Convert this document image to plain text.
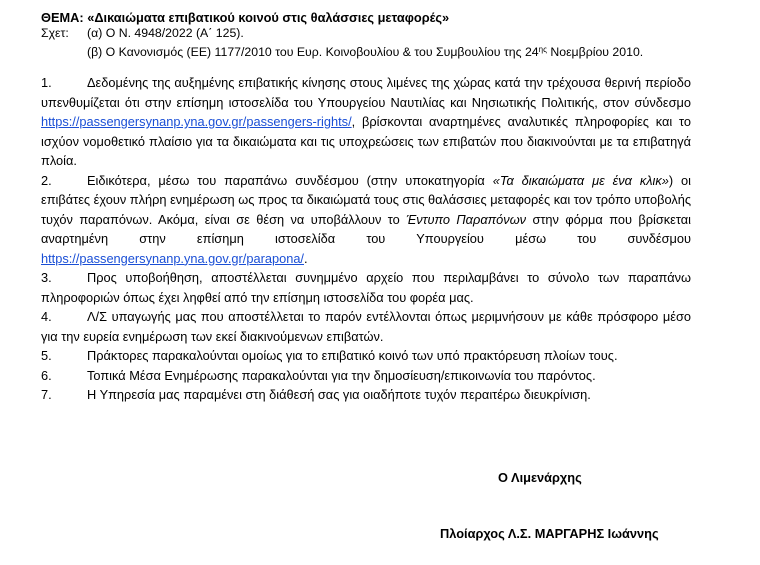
ΘΕΜΑ: «Δικαιώματα επιβατικού κοινού στις θαλάσσιες μεταφορές»
Σχετ: (α) Ο Ν. 4948/2022 (Α΄ 125).
(β) Ο Κανονισμός (ΕΕ) 1177/2010 του Ευρ. Κοινοβουλίου & του Συμβουλίου της $24^{\eta\varsigma}$ Νοεμβρίου 2010.

1.	Δεδομένης της αυξημένης επιβατικής κίνησης στους λιμένες της χώρας κατά την τρέχουσα θερινή περίοδο υπενθυμίζεται ότι στην επίσημη ιστοσελίδα του Υπουργείου Ναυτιλίας και Νησιωτικής Πολιτικής, στον σύνδεσμο https://passengersynanp.yna.gov.gr/passengers-rights/, βρίσκονται αναρτημένες αναλυτικές πληροφορίες και το ισχύον νομοθετικό πλαίσιο για τα δικαιώματα και τις υποχρεώσεις των επιβατών που διακινούνται με τα επιβατηγά πλοία.

2.	Ειδικότερα, μέσω του παραπάνω συνδέσμου (στην υποκατηγορία «Τα δικαιώματα με ένα κλικ») οι επιβάτες έχουν πλήρη ενημέρωση ως προς τα δικαιώματά τους στις θαλάσσιες μεταφορές και τον τρόπο υποβολής τυχόν παραπόνων. Ακόμα, είναι σε θέση να υποβάλλουν το Έντυπο Παραπόνων στην φόρμα που βρίσκεται αναρτημένη στην επίσημη ιστοσελίδα του Υπουργείου μέσω του συνδέσμου https://passengersynanp.yna.gov.gr/parapona/.

3.	Προς υποβοήθηση, αποστέλλεται συνημμένο αρχείο που περιλαμβάνει το σύνολο των παραπάνω πληροφοριών όπως έχει ληφθεί από την επίσημη ιστοσελίδα του φορέα μας.

4.	Λ/Σ υπαγωγής μας που αποστέλλεται το παρόν εντέλλονται όπως μεριμνήσουν με κάθε πρόσφορο μέσο για την ευρεία ενημέρωση των εκεί διακινούμενων επιβατών.

5.	Πράκτορες παρακαλούνται ομοίως για το επιβατικό κοινό των υπό πρακτόρευση πλοίων τους.

6.	Τοπικά Μέσα Ενημέρωσης παρακαλούνται για την δημοσίευση/επικοινωνία του παρόντος.

7.	Η Υπηρεσία μας παραμένει στη διάθεσή σας για οιαδήποτε τυχόν περαιτέρω διευκρίνιση.

Ο Λιμενάρχης
Πλοίαρχος Λ.Σ. ΜΑΡΓΑΡΗΣ Ιωάννης
